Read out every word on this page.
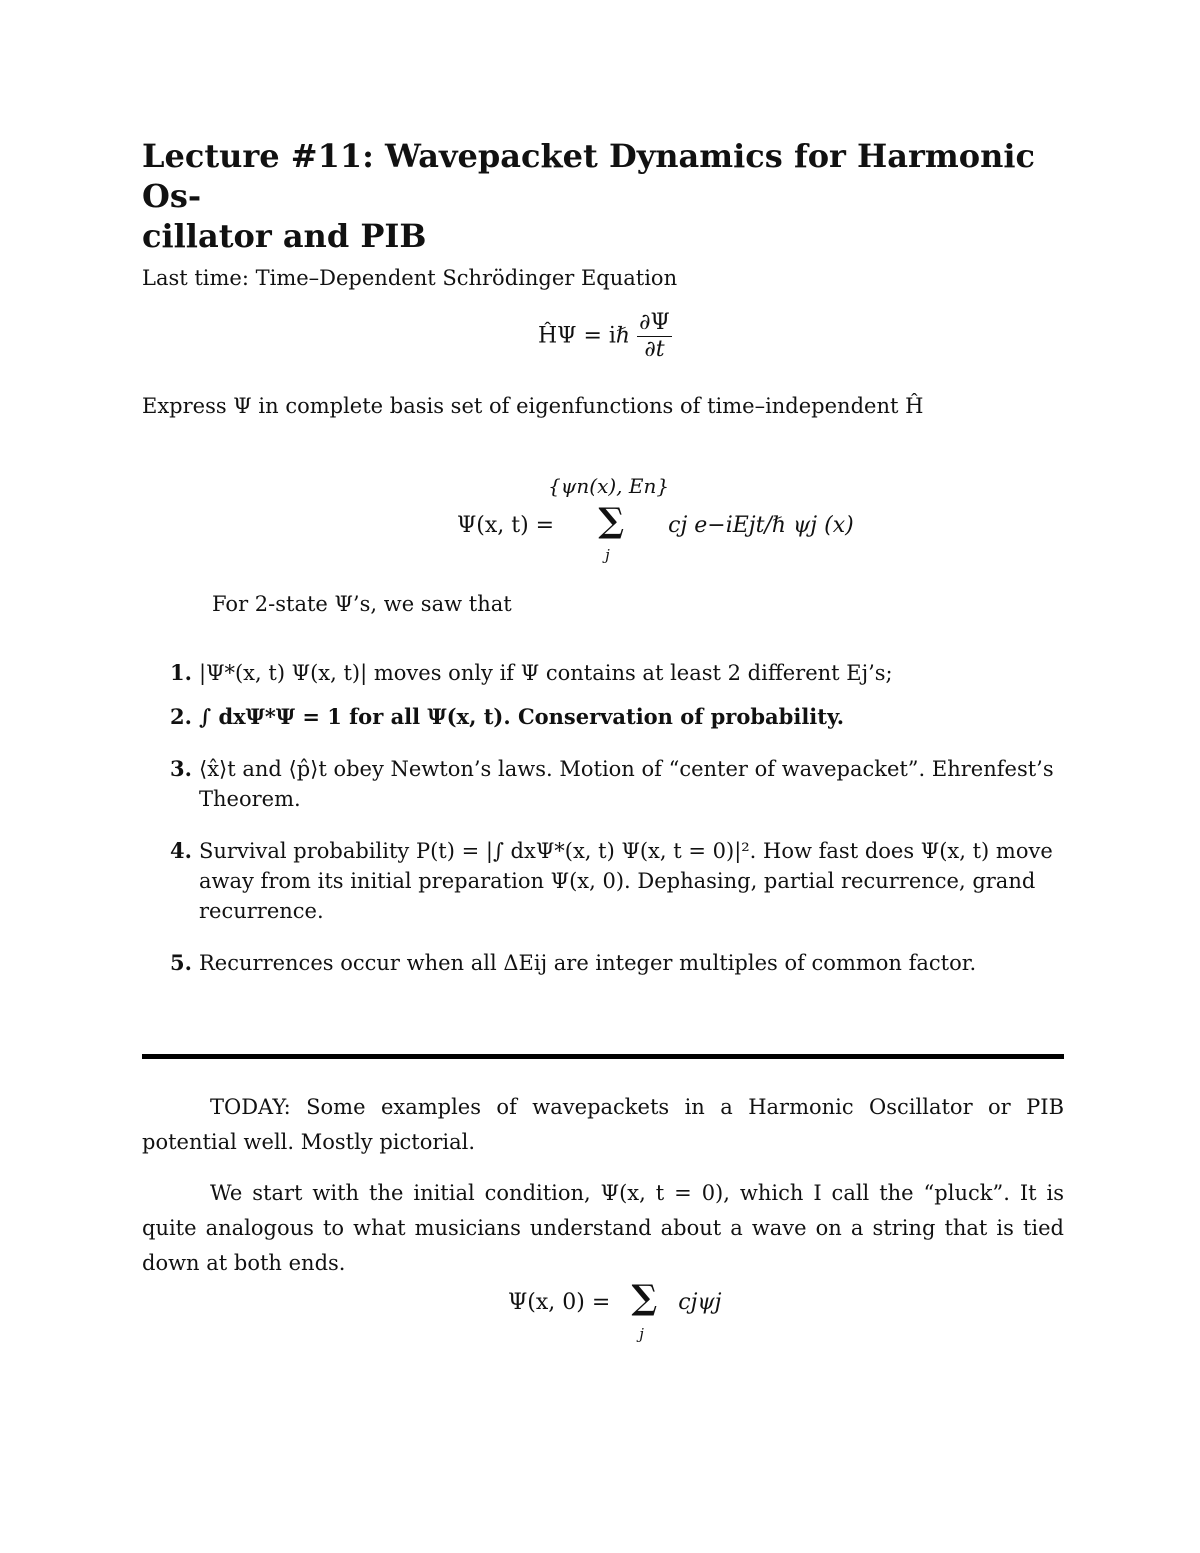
Lecture #11: Wavepacket Dynamics for Harmonic Os-
cillator and PIB
Last time: Time–Dependent Schrödinger Equation
ĤΨ = iℏ $\frac{\partial\Psi}{\partial t}$
Express Ψ in complete basis set of eigenfunctions of time–independent Ĥ
{ψn(x), En}
Ψ(x, t) = ∑
j
cj e−iEjt/ℏ ψj (x)
For 2-state Ψ’s, we saw that
1. |Ψ*(x, t) Ψ(x, t)| moves only if Ψ contains at least 2 different Ej’s;
2. ∫ dxΨ*Ψ = 1 for all Ψ(x, t). Conservation of probability.
3. ⟨x̂⟩t and ⟨p̂⟩t obey Newton’s laws. Motion of “center of wavepacket”. Ehrenfest’s Theorem.
4. Survival probability P(t) = |∫ dxΨ*(x, t) Ψ(x, t = 0)|². How fast does Ψ(x, t) move away from its initial preparation Ψ(x, 0). Dephasing, partial recurrence, grand recurrence.
5. Recurrences occur when all ΔEij are integer multiples of common factor.
TODAY: Some examples of wavepackets in a Harmonic Oscillator or PIB potential well. Mostly pictorial.
We start with the initial condition, Ψ(x, t = 0), which I call the “pluck”. It is quite analogous to what musicians understand about a wave on a string that is tied down at both ends.
Ψ(x, 0) = ∑
j
cjψj
